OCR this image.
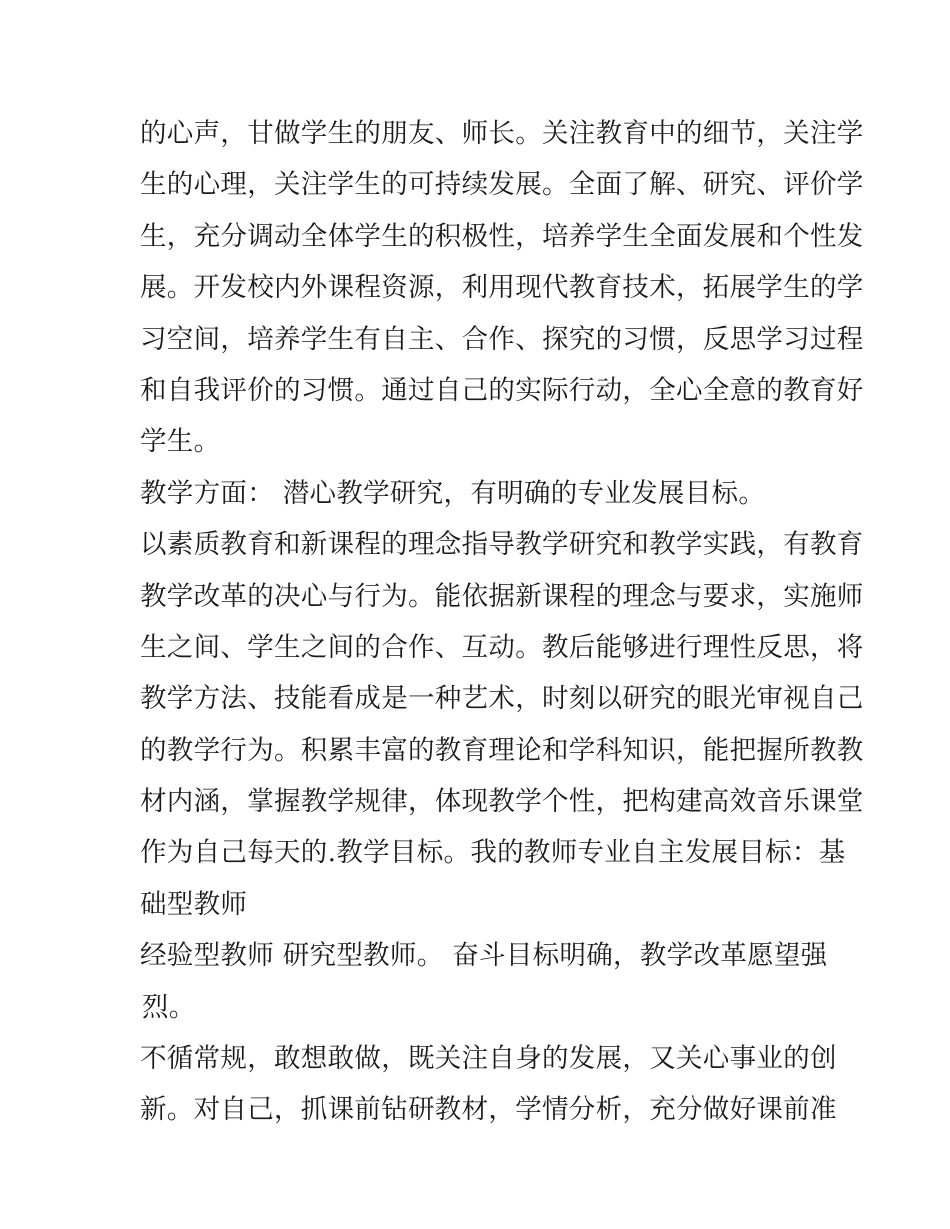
的心声，甘做学生的朋友、师长。关注教育中的细节，关注学
生的心理，关注学生的可持续发展。全面了解、研究、评价学
生，充分调动全体学生的积极性，培养学生全面发展和个性发
展。开发校内外课程资源，利用现代教育技术，拓展学生的学
习空间，培养学生有自主、合作、探究的习惯，反思学习过程
和自我评价的习惯。通过自己的实际行动，全心全意的教育好
学生。
教学方面： 潜心教学研究，有明确的专业发展目标。
以素质教育和新课程的理念指导教学研究和教学实践，有教育
教学改革的决心与行为。能依据新课程的理念与要求，实施师
生之间、学生之间的合作、互动。教后能够进行理性反思，将
教学方法、技能看成是一种艺术，时刻以研究的眼光审视自己
的教学行为。积累丰富的教育理论和学科知识，能把握所教教
材内涵，掌握教学规律，体现教学个性，把构建高效音乐课堂
作为自己每天的.教学目标。我的教师专业自主发展目标：基
础型教师
经验型教师 研究型教师。 奋斗目标明确，教学改革愿望强
烈。
不循常规，敢想敢做，既关注自身的发展，又关心事业的创
新。对自己，抓课前钻研教材，学情分析，充分做好课前准
